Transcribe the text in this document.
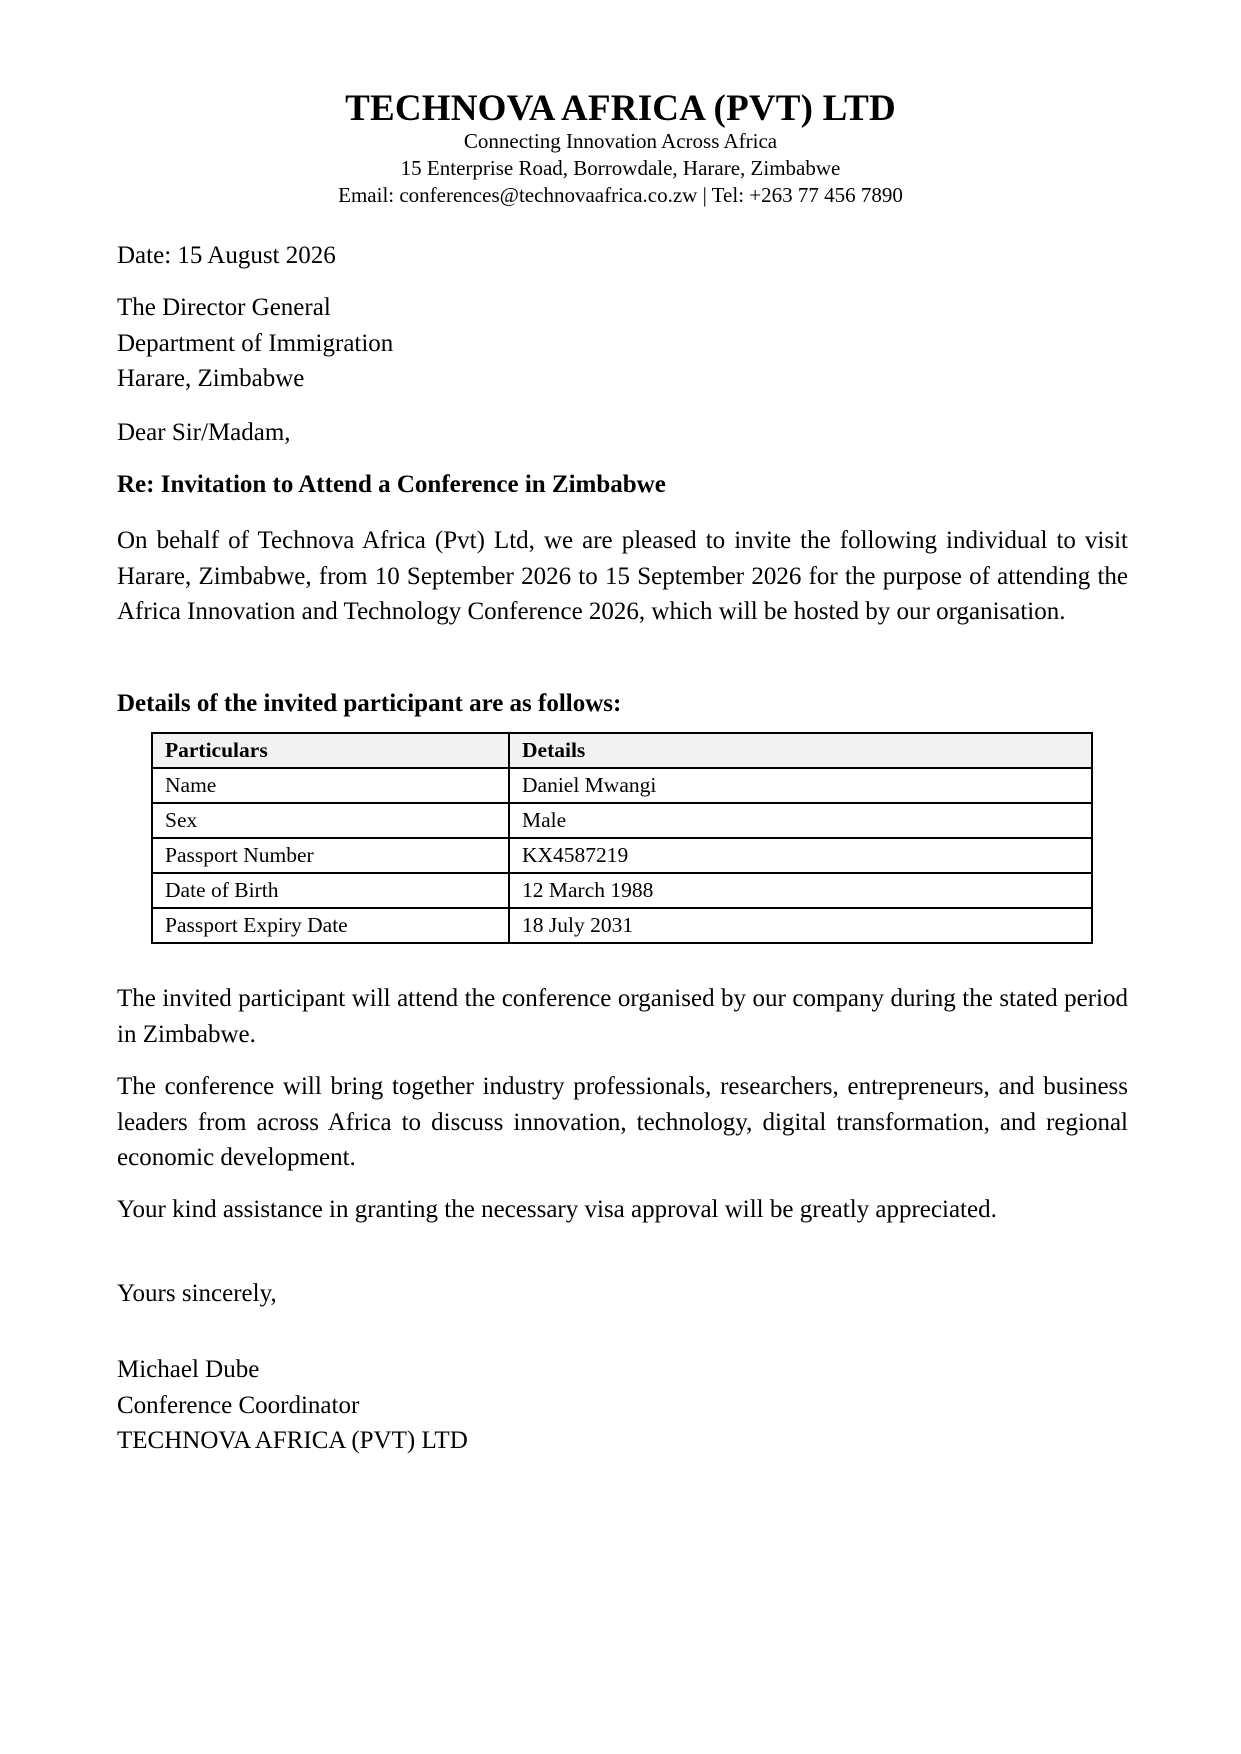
TECHNOVA AFRICA (PVT) LTD
Connecting Innovation Across Africa
15 Enterprise Road, Borrowdale, Harare, Zimbabwe
Email: conferences@technovaafrica.co.zw | Tel: +263 77 456 7890
Date: 15 August 2026
The Director General
Department of Immigration
Harare, Zimbabwe
Dear Sir/Madam,
Re: Invitation to Attend a Conference in Zimbabwe
On behalf of Technova Africa (Pvt) Ltd, we are pleased to invite the following individual to visit Harare, Zimbabwe, from 10 September 2026 to 15 September 2026 for the purpose of attending the Africa Innovation and Technology Conference 2026, which will be hosted by our organisation.
Details of the invited participant are as follows:
Particulars	Details
Name	Daniel Mwangi
Sex	Male
Passport Number	KX4587219
Date of Birth	12 March 1988
Passport Expiry Date	18 July 2031
The invited participant will attend the conference organised by our company during the stated period in Zimbabwe.
The conference will bring together industry professionals, researchers, entrepreneurs, and business leaders from across Africa to discuss innovation, technology, digital transformation, and regional economic development.
Your kind assistance in granting the necessary visa approval will be greatly appreciated.
Yours sincerely,
Michael Dube
Conference Coordinator
TECHNOVA AFRICA (PVT) LTD
